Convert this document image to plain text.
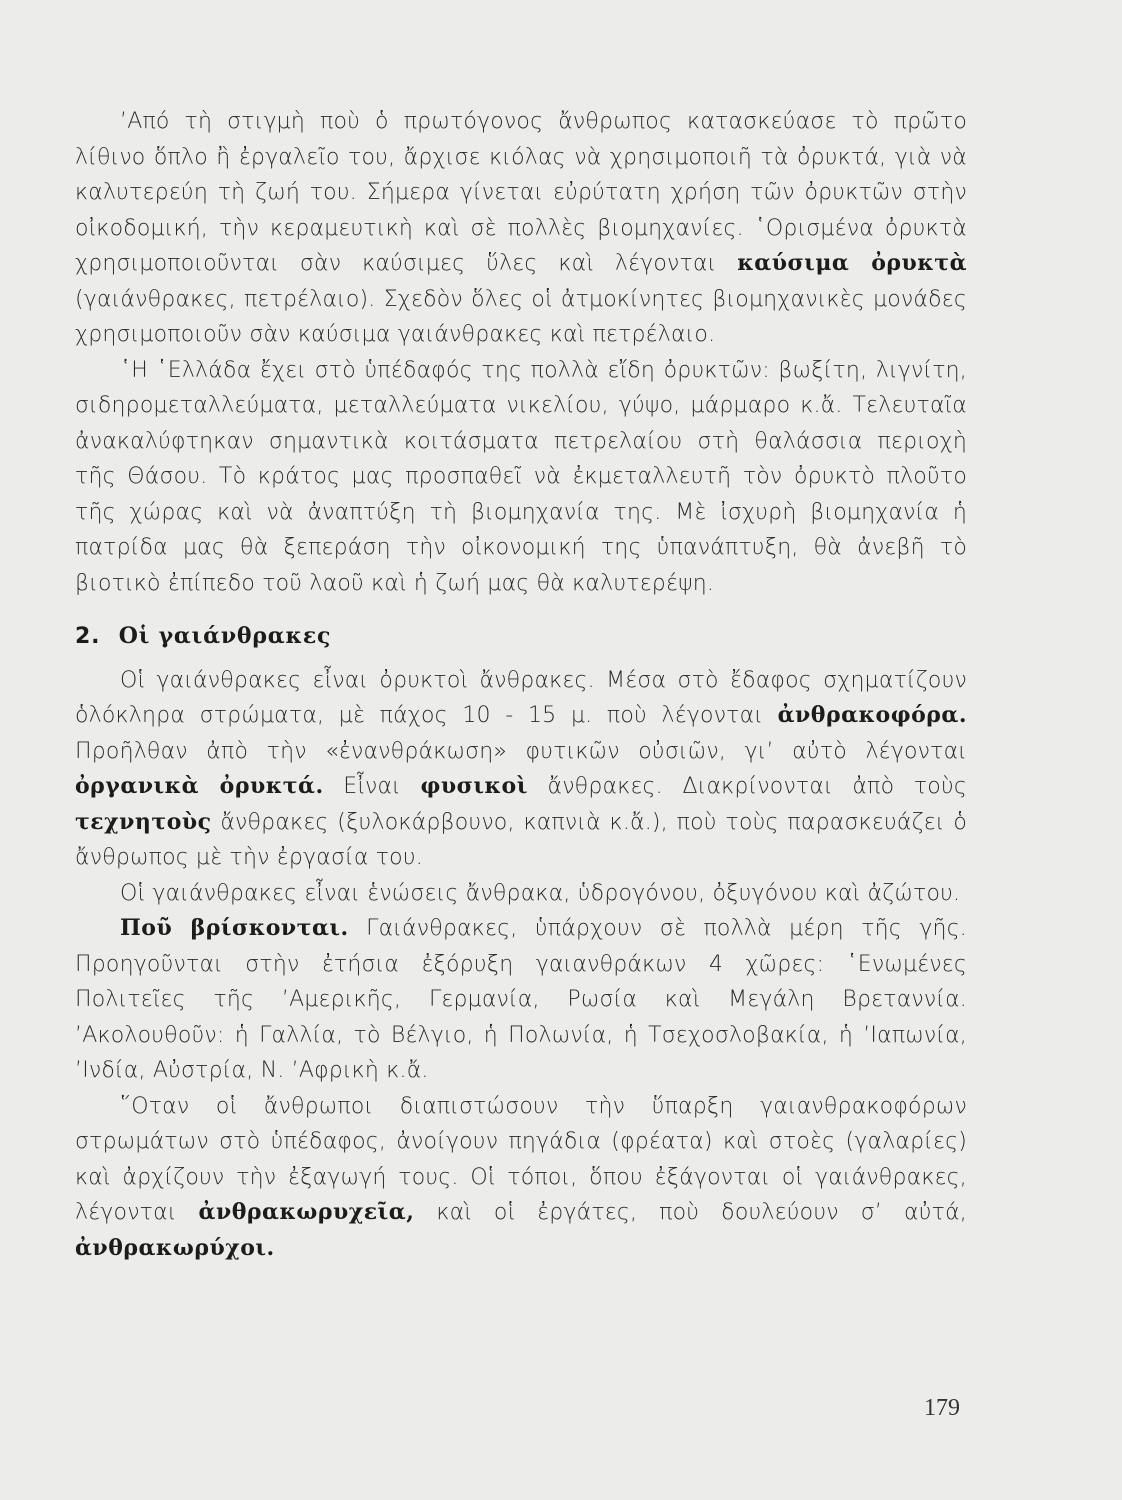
’Από τὴ στιγμὴ ποὺ ὁ πρωτόγονος ἄνθρωπος κατασκεύασε τὸ πρῶτο λίθινο ὅπλο ἢ ἐργαλεῖο του, ἄρχισε κιόλας νὰ χρησιμοποιῆ τὰ ὀρυκτά, γιὰ νὰ καλυτερεύη τὴ ζωή του. Σήμερα γίνεται εὐρύτατη χρήση τῶν ὀρυκτῶν στὴν οἰκοδομική, τὴν κεραμευτικὴ καὶ σὲ πολλὲς βιομηχανίες. ῾Ορισμένα ὀρυκτὰ χρησιμοποιοῦνται σὰν καύσιμες ὕλες καὶ λέγονται καύσιμα ὀρυκτὰ (γαιάνθρακες, πετρέλαιο). Σχεδὸν ὅλες οἱ ἀτμοκίνητες βιομηχανικὲς μονάδες χρησιμοποιοῦν σὰν καύσιμα γαιάνθρακες καὶ πετρέλαιο.

῾Η ῾Ελλάδα ἔχει στὸ ὑπέδαφός της πολλὰ εἴδη ὀρυκτῶν: βωξίτη, λιγνίτη, σιδηρομεταλλεύματα, μεταλλεύματα νικελίου, γύψο, μάρμαρο κ.ἄ. Τελευταῖα ἀνακαλύφτηκαν σημαντικὰ κοιτάσματα πετρελαίου στὴ θαλάσσια περιοχὴ τῆς Θάσου. Τὸ κράτος μας προσπαθεῖ νὰ ἐκμεταλλευτῆ τὸν ὀρυκτὸ πλοῦτο τῆς χώρας καὶ νὰ ἀναπτύξη τὴ βιομηχανία της. Μὲ ἰσχυρὴ βιομηχανία ἡ πατρίδα μας θὰ ξεπεράση τὴν οἰκονομική της ὑπανάπτυξη, θὰ ἀνεβῆ τὸ βιοτικὸ ἐπίπεδο τοῦ λαοῦ καὶ ἡ ζωή μας θὰ καλυτερέψη.

2. Οἱ γαιάνθρακες

Οἱ γαιάνθρακες εἶναι ὀρυκτοὶ ἄνθρακες. Μέσα στὸ ἔδαφος σχηματίζουν ὁλόκληρα στρώματα, μὲ πάχος 10 - 15 μ. ποὺ λέγονται ἀνθρακοφόρα. Προῆλθαν ἀπὸ τὴν «ἐνανθράκωση» φυτικῶν οὐσιῶν, γι’ αὐτὸ λέγονται ὀργανικὰ ὀρυκτά. Εἶναι φυσικοὶ ἄνθρακες. Διακρίνονται ἀπὸ τοὺς τεχνητοὺς ἄνθρακες (ξυλοκάρβουνο, καπνιὰ κ.ἄ.), ποὺ τοὺς παρασκευάζει ὁ ἄνθρωπος μὲ τὴν ἐργασία του.

Οἱ γαιάνθρακες εἶναι ἑνώσεις ἄνθρακα, ὑδρογόνου, ὀξυγόνου καὶ ἀζώτου.

Ποῦ βρίσκονται. Γαιάνθρακες, ὑπάρχουν σὲ πολλὰ μέρη τῆς γῆς. Προηγοῦνται στὴν ἐτήσια ἐξόρυξη γαιανθράκων 4 χῶρες: ῾Ενωμένες Πολιτεῖες τῆς ’Αμερικῆς, Γερμανία, Ρωσία καὶ Μεγάλη Βρεταννία. ’Ακολουθοῦν: ἡ Γαλλία, τὸ Βέλγιο, ἡ Πολωνία, ἡ Τσεχοσλοβακία, ἡ ’Ιαπωνία, ’Ινδία, Αὐστρία, Ν. ’Αφρικὴ κ.ἄ.

῞Οταν οἱ ἄνθρωποι διαπιστώσουν τὴν ὕπαρξη γαιανθρακοφόρων στρωμάτων στὸ ὑπέδαφος, ἀνοίγουν πηγάδια (φρέατα) καὶ στοὲς (γαλαρίες) καὶ ἀρχίζουν τὴν ἐξαγωγή τους. Οἱ τόποι, ὅπου ἐξάγονται οἱ γαιάνθρακες, λέγονται ἀνθρακωρυχεῖα, καὶ οἱ ἐργάτες, ποὺ δουλεύουν σ’ αὐτά, ἀνθρακωρύχοι.

179
